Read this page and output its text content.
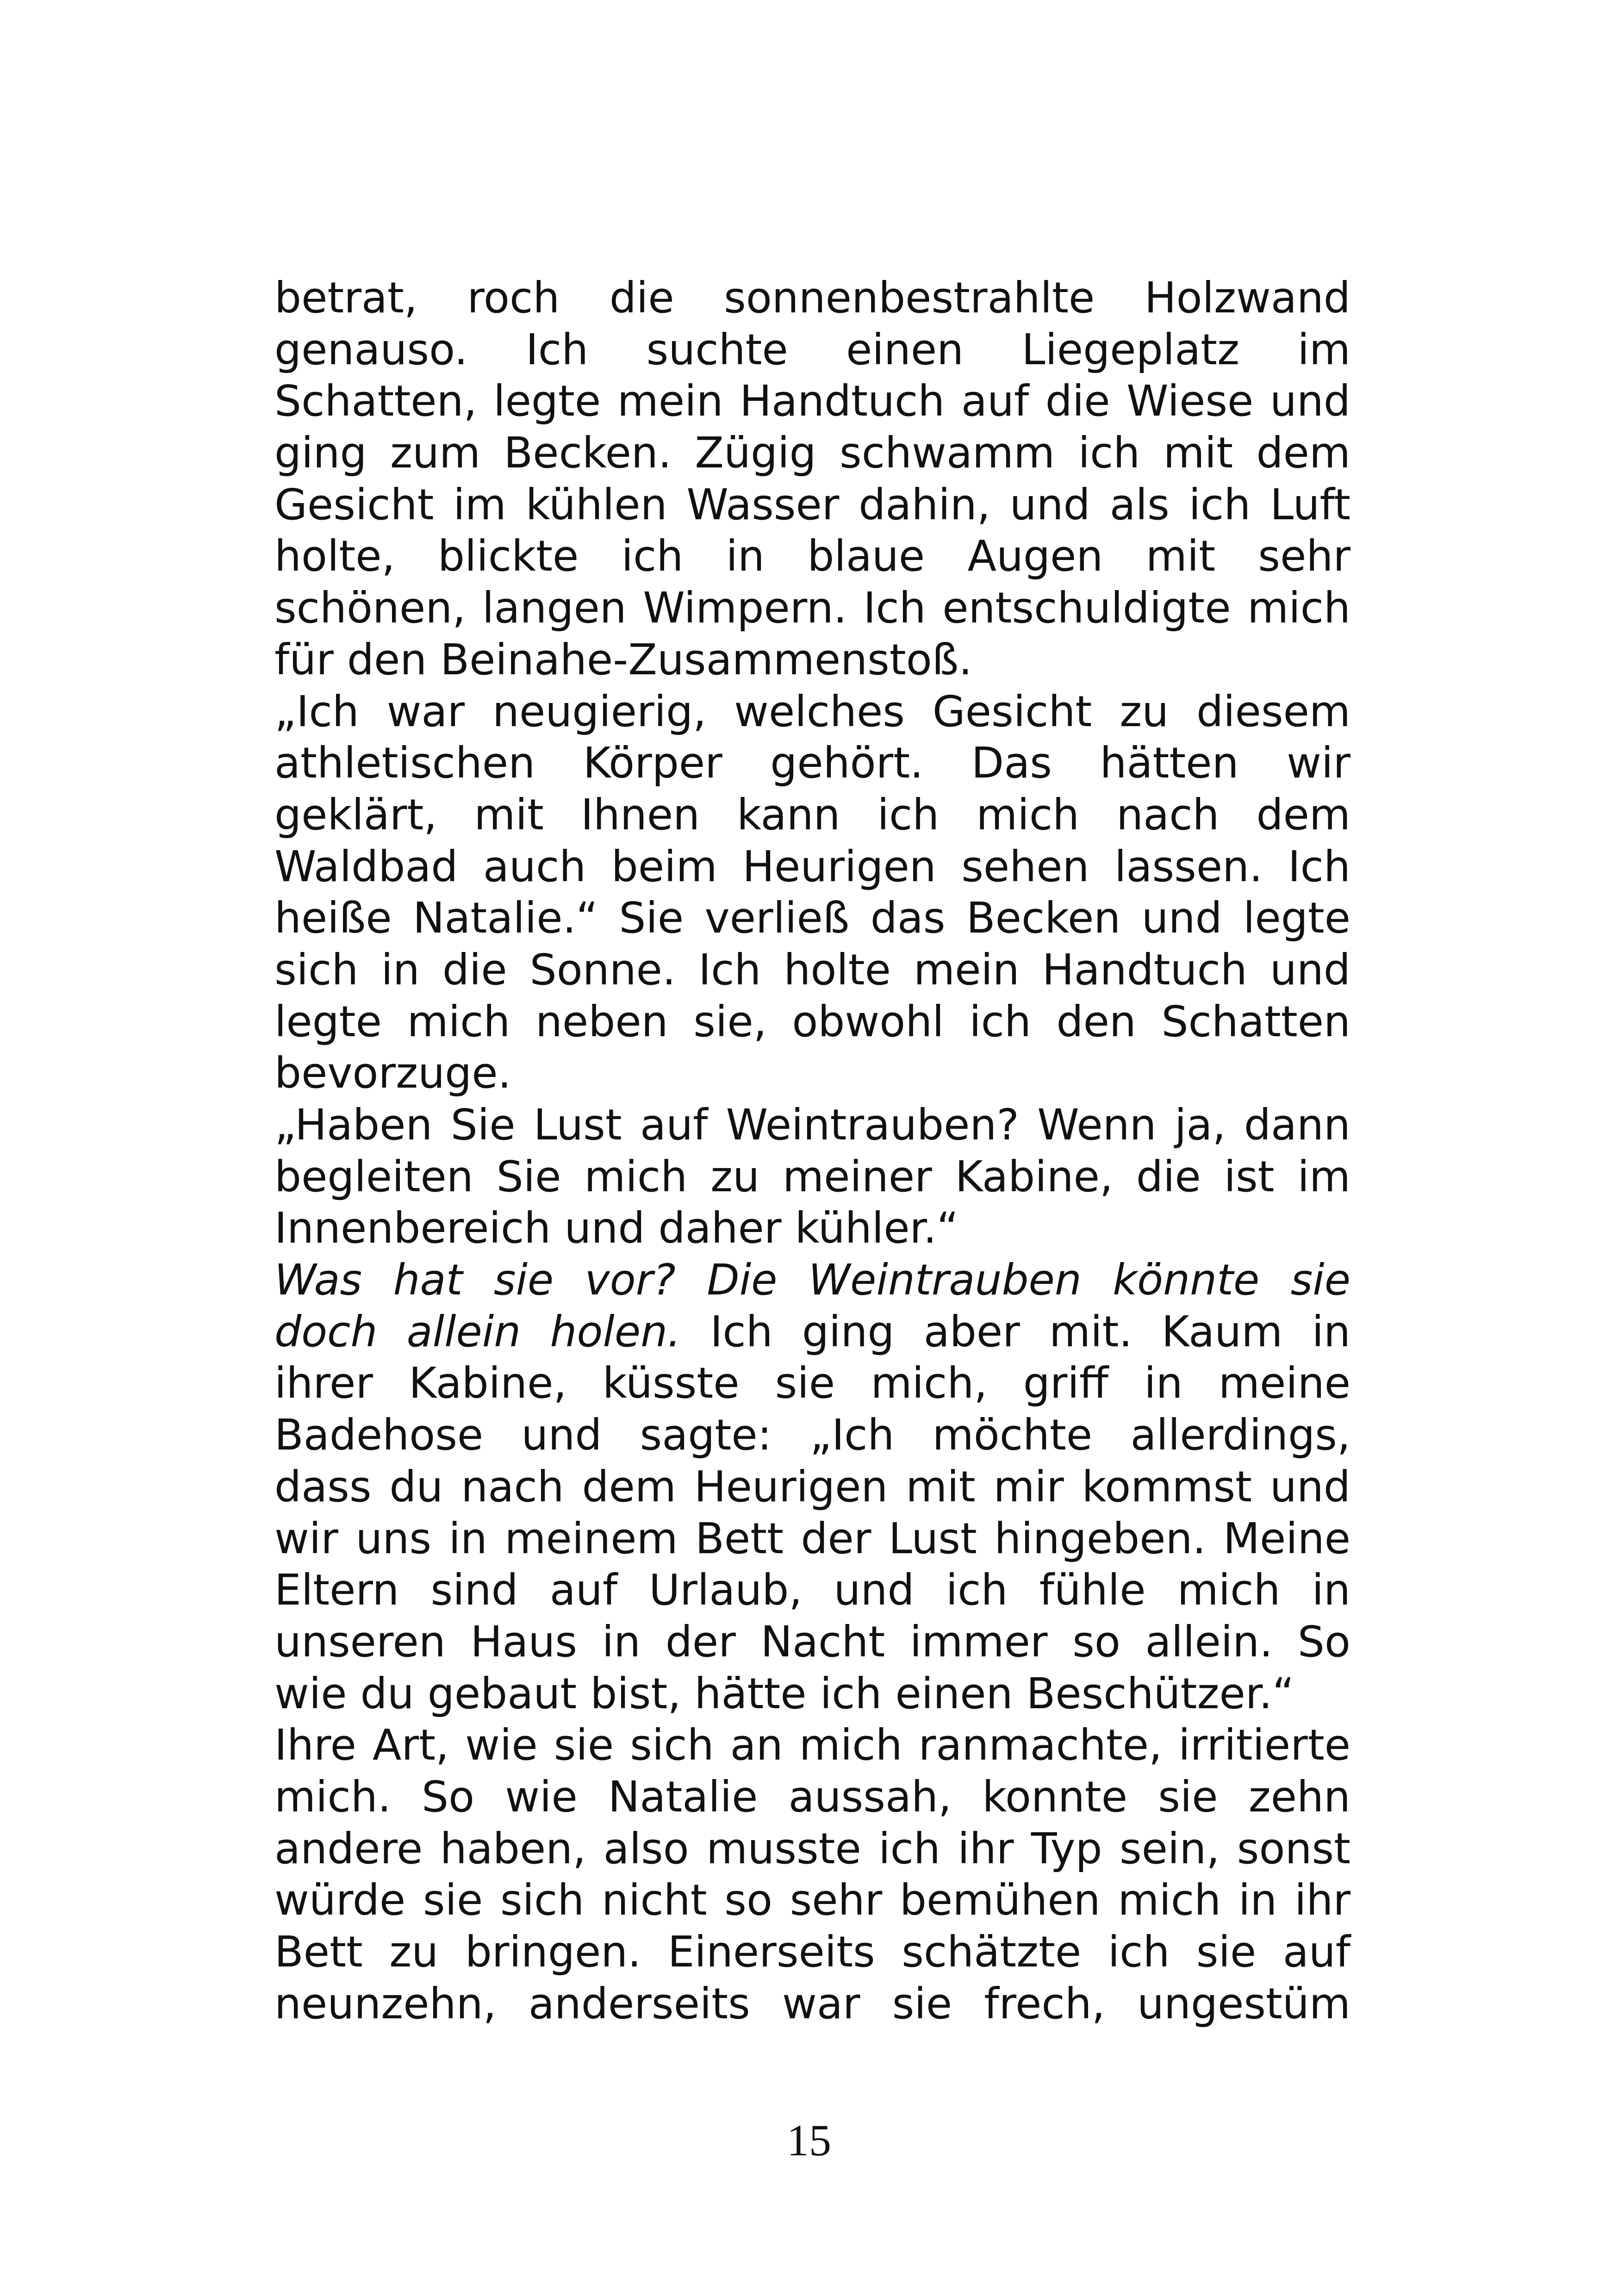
betrat, roch die sonnenbestrahlte Holzwand
genauso. Ich suchte einen Liegeplatz im
Schatten, legte mein Handtuch auf die Wiese und
ging zum Becken. Zügig schwamm ich mit dem
Gesicht im kühlen Wasser dahin, und als ich Luft
holte, blickte ich in blaue Augen mit sehr
schönen, langen Wimpern. Ich entschuldigte mich
für den Beinahe-Zusammenstoß.
„Ich war neugierig, welches Gesicht zu diesem
athletischen Körper gehört. Das hätten wir
geklärt, mit Ihnen kann ich mich nach dem
Waldbad auch beim Heurigen sehen lassen. Ich
heiße Natalie.“ Sie verließ das Becken und legte
sich in die Sonne. Ich holte mein Handtuch und
legte mich neben sie, obwohl ich den Schatten
bevorzuge.
„Haben Sie Lust auf Weintrauben? Wenn ja, dann
begleiten Sie mich zu meiner Kabine, die ist im
Innenbereich und daher kühler.“
Was hat sie vor? Die Weintrauben könnte sie
doch allein holen. Ich ging aber mit. Kaum in
ihrer Kabine, küsste sie mich, griff in meine
Badehose und sagte: „Ich möchte allerdings,
dass du nach dem Heurigen mit mir kommst und
wir uns in meinem Bett der Lust hingeben. Meine
Eltern sind auf Urlaub, und ich fühle mich in
unseren Haus in der Nacht immer so allein. So
wie du gebaut bist, hätte ich einen Beschützer.“
Ihre Art, wie sie sich an mich ranmachte, irritierte
mich. So wie Natalie aussah, konnte sie zehn
andere haben, also musste ich ihr Typ sein, sonst
würde sie sich nicht so sehr bemühen mich in ihr
Bett zu bringen. Einerseits schätzte ich sie auf
neunzehn, anderseits war sie frech, ungestüm
15
